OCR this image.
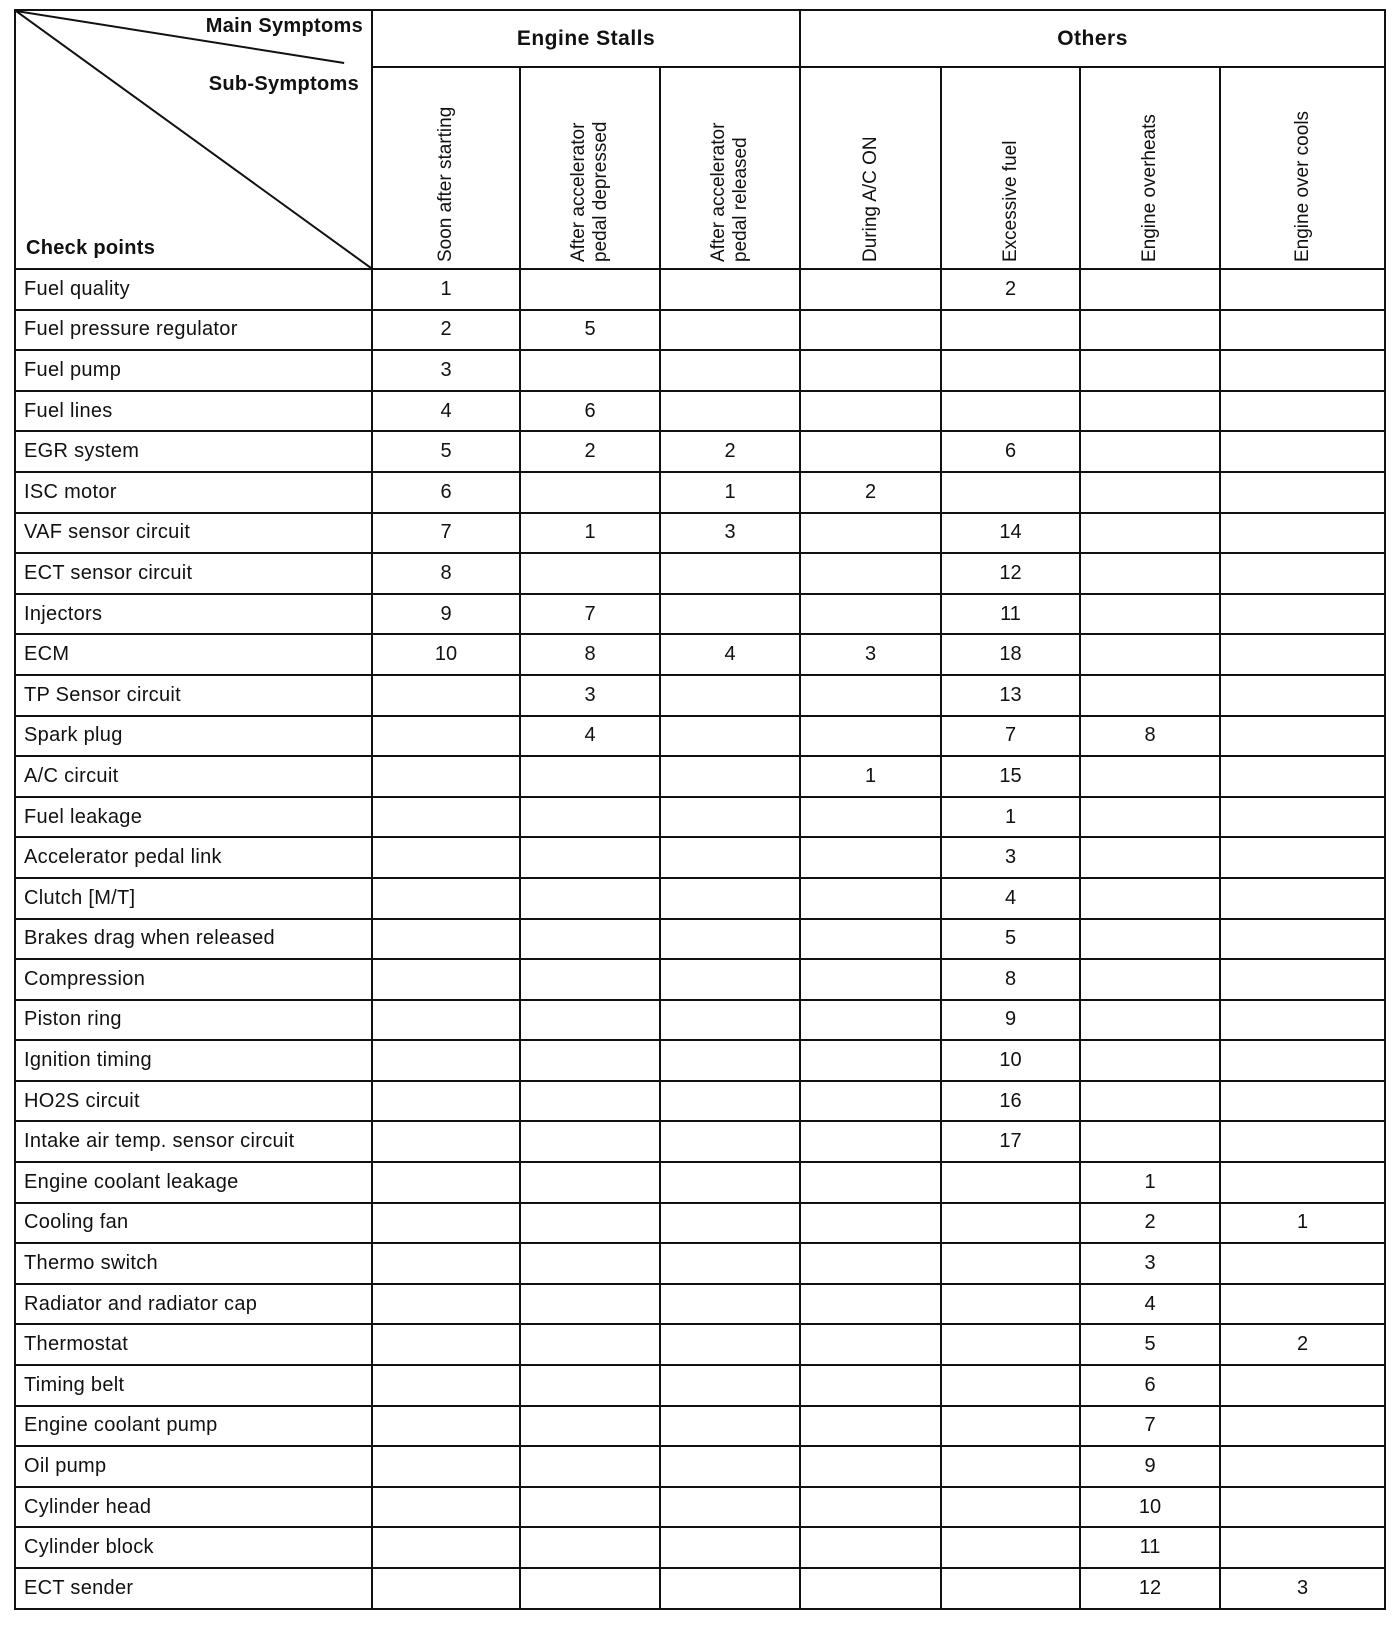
Main Symptoms
Sub-Symptoms
Check points	Engine Stalls			Others			

	Soon after starting	After accelerator pedal depressed	After accelerator pedal released	During A/C ON	Excessive fuel	Engine overheats	Engine over cools

Fuel quality	1				2		
Fuel pressure regulator	2	5					
Fuel pump	3						
Fuel lines	4	6					
EGR system	5	2	2		6		
ISC motor	6		1	2			
VAF sensor circuit	7	1	3		14		
ECT sensor circuit	8				12		
Injectors	9	7			11		
ECM	10	8	4	3	18		
TP Sensor circuit		3			13		
Spark plug		4			7	8	
A/C circuit				1	15		
Fuel leakage					1		
Accelerator pedal link					3		
Clutch [M/T]					4		
Brakes drag when released					5		
Compression					8		
Piston ring					9		
Ignition timing					10		
HO2S circuit					16		
Intake air temp. sensor circuit					17		
Engine coolant leakage						1	
Cooling fan						2	1
Thermo switch						3	
Radiator and radiator cap						4	
Thermostat						5	2
Timing belt						6	
Engine coolant pump						7	
Oil pump						9	
Cylinder head						10	
Cylinder block						11	
ECT sender						12	3
